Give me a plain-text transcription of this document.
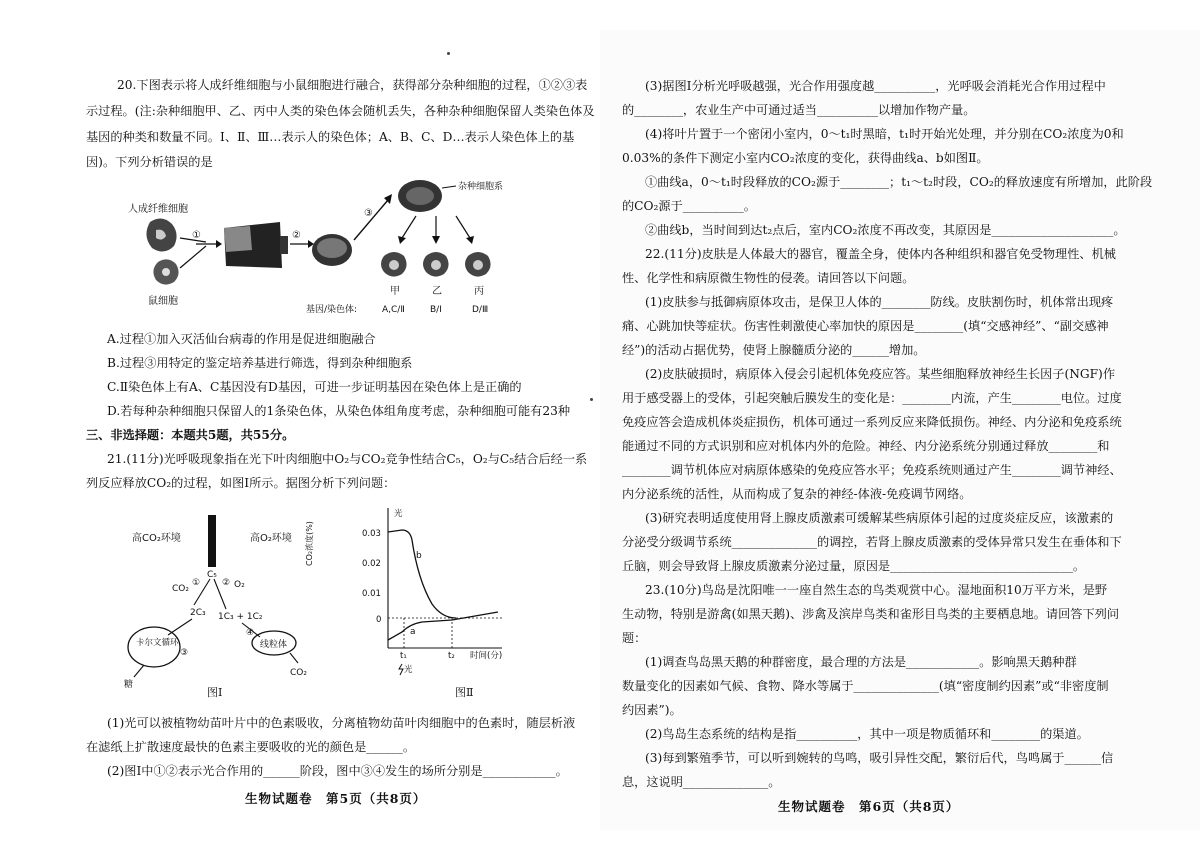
20.下图表示将人成纤维细胞与小鼠细胞进行融合，获得部分杂种细胞的过程，①②③表
示过程。(注:杂种细胞甲、乙、丙中人类的染色体会随机丢失，各种杂种细胞保留人类染色体及
基因的种类和数量不同。Ⅰ、Ⅱ、Ⅲ…表示人的染色体；A、B、C、D…表示人染色体上的基
因)。下列分析错误的是
人成纤维细胞
鼠细胞
①	②
③
杂种细胞系
甲	乙	丙
基因/染色体:	A,C/Ⅱ	B/Ⅰ	D/Ⅲ
A.过程①加入灭活仙台病毒的作用是促进细胞融合
B.过程③用特定的鉴定培养基进行筛选，得到杂种细胞系
C.Ⅱ染色体上有A、C基因没有D基因，可进一步证明基因在染色体上是正确的
D.若每种杂种细胞只保留人的1条染色体，从染色体组角度考虑，杂种细胞可能有23种
三、非选择题：本题共5题，共55分。
21.(11分)光呼吸现象指在光下叶肉细胞中O₂与CO₂竞争性结合C₅，O₂与C₅结合后经一系
列反应释放CO₂的过程，如图Ⅰ所示。据图分析下列问题：
高CO₂环境	高O₂环境
C₅
CO₂
① ② O₂
2C₃ 1C₃ + 1C₂
④
卡尔文循环
③
线粒体
CO₂
糖
图Ⅰ
CO₂浓度(%)	0.03
0.02
0.01
0
b
a
t₁	t₂ 时间(分)
光
光
图Ⅱ
(1)光可以被植物幼苗叶片中的色素吸收，分离植物幼苗叶肉细胞中的色素时，随层析液
在滤纸上扩散速度最快的色素主要吸收的光的颜色是______。
(2)图Ⅰ中①②表示光合作用的______阶段，图中③④发生的场所分别是____________。
生物试题卷　第5页（共8页）
(3)据图Ⅰ分析光呼吸越强，光合作用强度越__________，光呼吸会消耗光合作用过程中
的________，农业生产中可通过适当__________以增加作物产量。
(4)将叶片置于一个密闭小室内，0～t₁时黑暗，t₁时开始光处理，并分别在CO₂浓度为0和
0.03%的条件下测定小室内CO₂浓度的变化，获得曲线a、b如图Ⅱ。
①曲线a，0～t₁时段释放的CO₂源于________；t₁～t₂时段，CO₂的释放速度有所增加，此阶段
的CO₂源于__________。
②曲线b，当时间到达t₂点后，室内CO₂浓度不再改变，其原因是____________________。
22.(11分)皮肤是人体最大的器官，覆盖全身，使体内各种组织和器官免受物理性、机械
性、化学性和病原微生物性的侵袭。请回答以下问题。
(1)皮肤参与抵御病原体攻击，是保卫人体的________防线。皮肤割伤时，机体常出现疼
痛、心跳加快等症状。伤害性刺激使心率加快的原因是________(填“交感神经”、“副交感神
经”)的活动占据优势，使肾上腺髓质分泌的______增加。
(2)皮肤破损时，病原体入侵会引起机体免疫应答。某些细胞释放神经生长因子(NGF)作
用于感受器上的受体，引起突触后膜发生的变化是：________内流，产生________电位。过度
免疫应答会造成机体炎症损伤，机体可通过一系列反应来降低损伤。神经、内分泌和免疫系统
能通过不同的方式识别和应对机体内外的危险。神经、内分泌系统分别通过释放________和
________调节机体应对病原体感染的免疫应答水平；免疫系统则通过产生________调节神经、
内分泌系统的活性，从而构成了复杂的神经-体液-免疫调节网络。
(3)研究表明适度使用肾上腺皮质激素可缓解某些病原体引起的过度炎症反应，该激素的
分泌受分级调节系统______________的调控，若肾上腺皮质激素的受体异常只发生在垂体和下
丘脑，则会导致肾上腺皮质激素分泌过量，原因是______________________________。
23.(10分)鸟岛是沈阳唯一一座自然生态的鸟类观赏中心。湿地面积10万平方米，是野
生动物，特别是游禽(如黑天鹅)、涉禽及滨岸鸟类和雀形目鸟类的主要栖息地。请回答下列问
题：
(1)调查鸟岛黑天鹅的种群密度，最合理的方法是____________。影响黑天鹅种群
数量变化的因素如气候、食物、降水等属于______________(填“密度制约因素”或“非密度制
约因素”)。
(2)鸟岛生态系统的结构是指__________，其中一项是物质循环和________的渠道。
(3)每到繁殖季节，可以听到婉转的鸟鸣，吸引异性交配，繁衍后代，鸟鸣属于______信
息，这说明______________。
生物试题卷　第6页（共8页）
